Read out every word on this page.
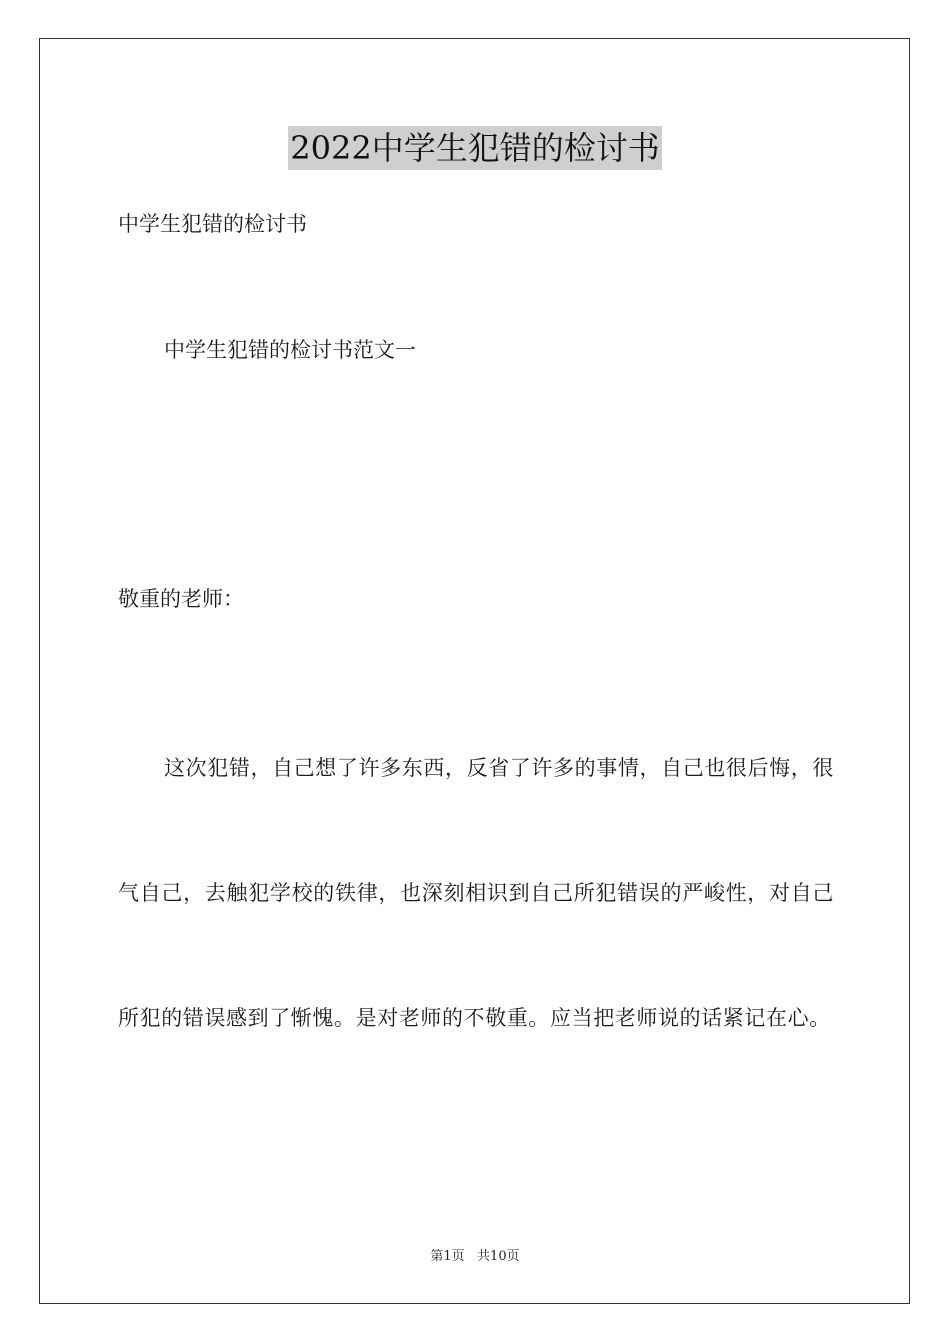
2022中学生犯错的检讨书
中学生犯错的检讨书
中学生犯错的检讨书范文一
敬重的老师：
这次犯错，自己想了许多东西，反省了许多的事情，自己也很后悔，很气自己，去触犯学校的铁律，也深刻相识到自己所犯错误的严峻性，对自己所犯的错误感到了惭愧。是对老师的不敬重。应当把老师说的话紧记在心。
第1页   共10页
